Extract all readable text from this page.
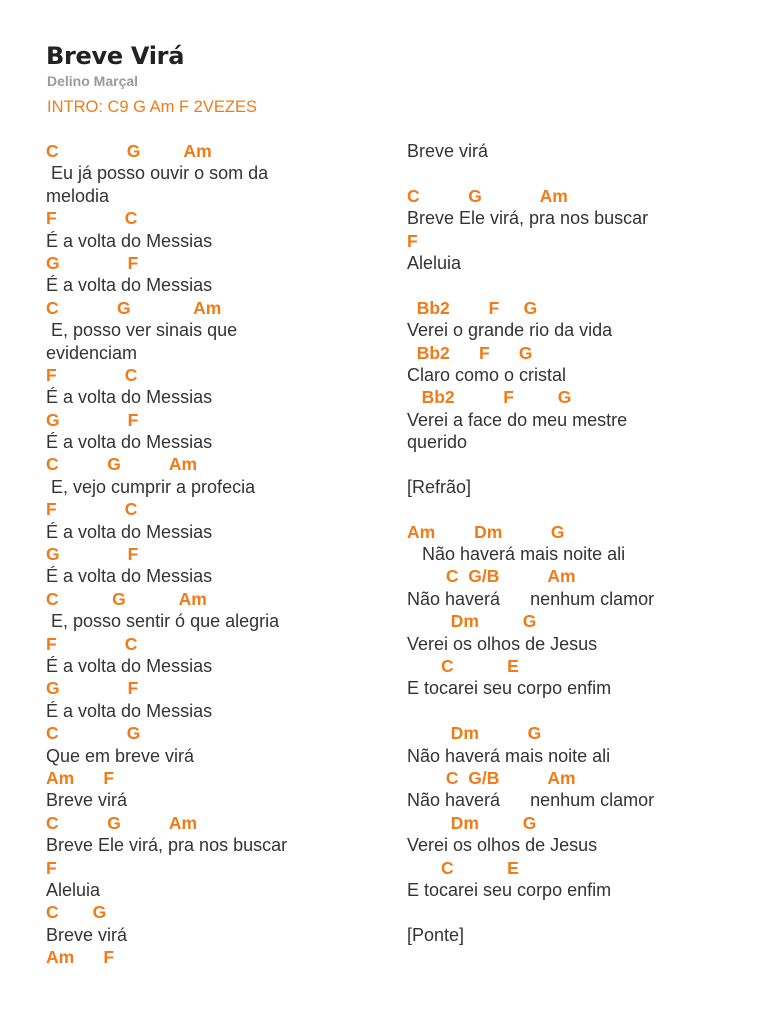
Breve Virá
Delino Marçal
INTRO: C9 G Am F 2VEZES
C              G         Am
Eu já posso ouvir o som da
melodia
F              C
É a volta do Messias
G              F
É a volta do Messias
C            G             Am
E, posso ver sinais que
evidenciam
F              C
É a volta do Messias
G              F
É a volta do Messias
C          G          Am
E, vejo cumprir a profecia
F              C
É a volta do Messias
G              F
É a volta do Messias
C           G           Am
E, posso sentir ó que alegria
F              C
É a volta do Messias
G              F
É a volta do Messias
C              G
Que em breve virá
Am      F
Breve virá
C          G          Am
Breve Ele virá, pra nos buscar
F
Aleluia
C       G
Breve virá
Am      F
Breve virá
C          G            Am
Breve Ele virá, pra nos buscar
F
Aleluia
Bb2        F     G
Verei o grande rio da vida
Bb2      F      G
Claro como o cristal
Bb2          F         G
Verei a face do meu mestre
querido
[Refrão]
Am        Dm          G
Não haverá mais noite ali
C  G/B          Am
Não haverá      nenhum clamor
Dm         G
Verei os olhos de Jesus
C           E
E tocarei seu corpo enfim
Dm          G
Não haverá mais noite ali
C  G/B          Am
Não haverá      nenhum clamor
Dm         G
Verei os olhos de Jesus
C           E
E tocarei seu corpo enfim
[Ponte]
